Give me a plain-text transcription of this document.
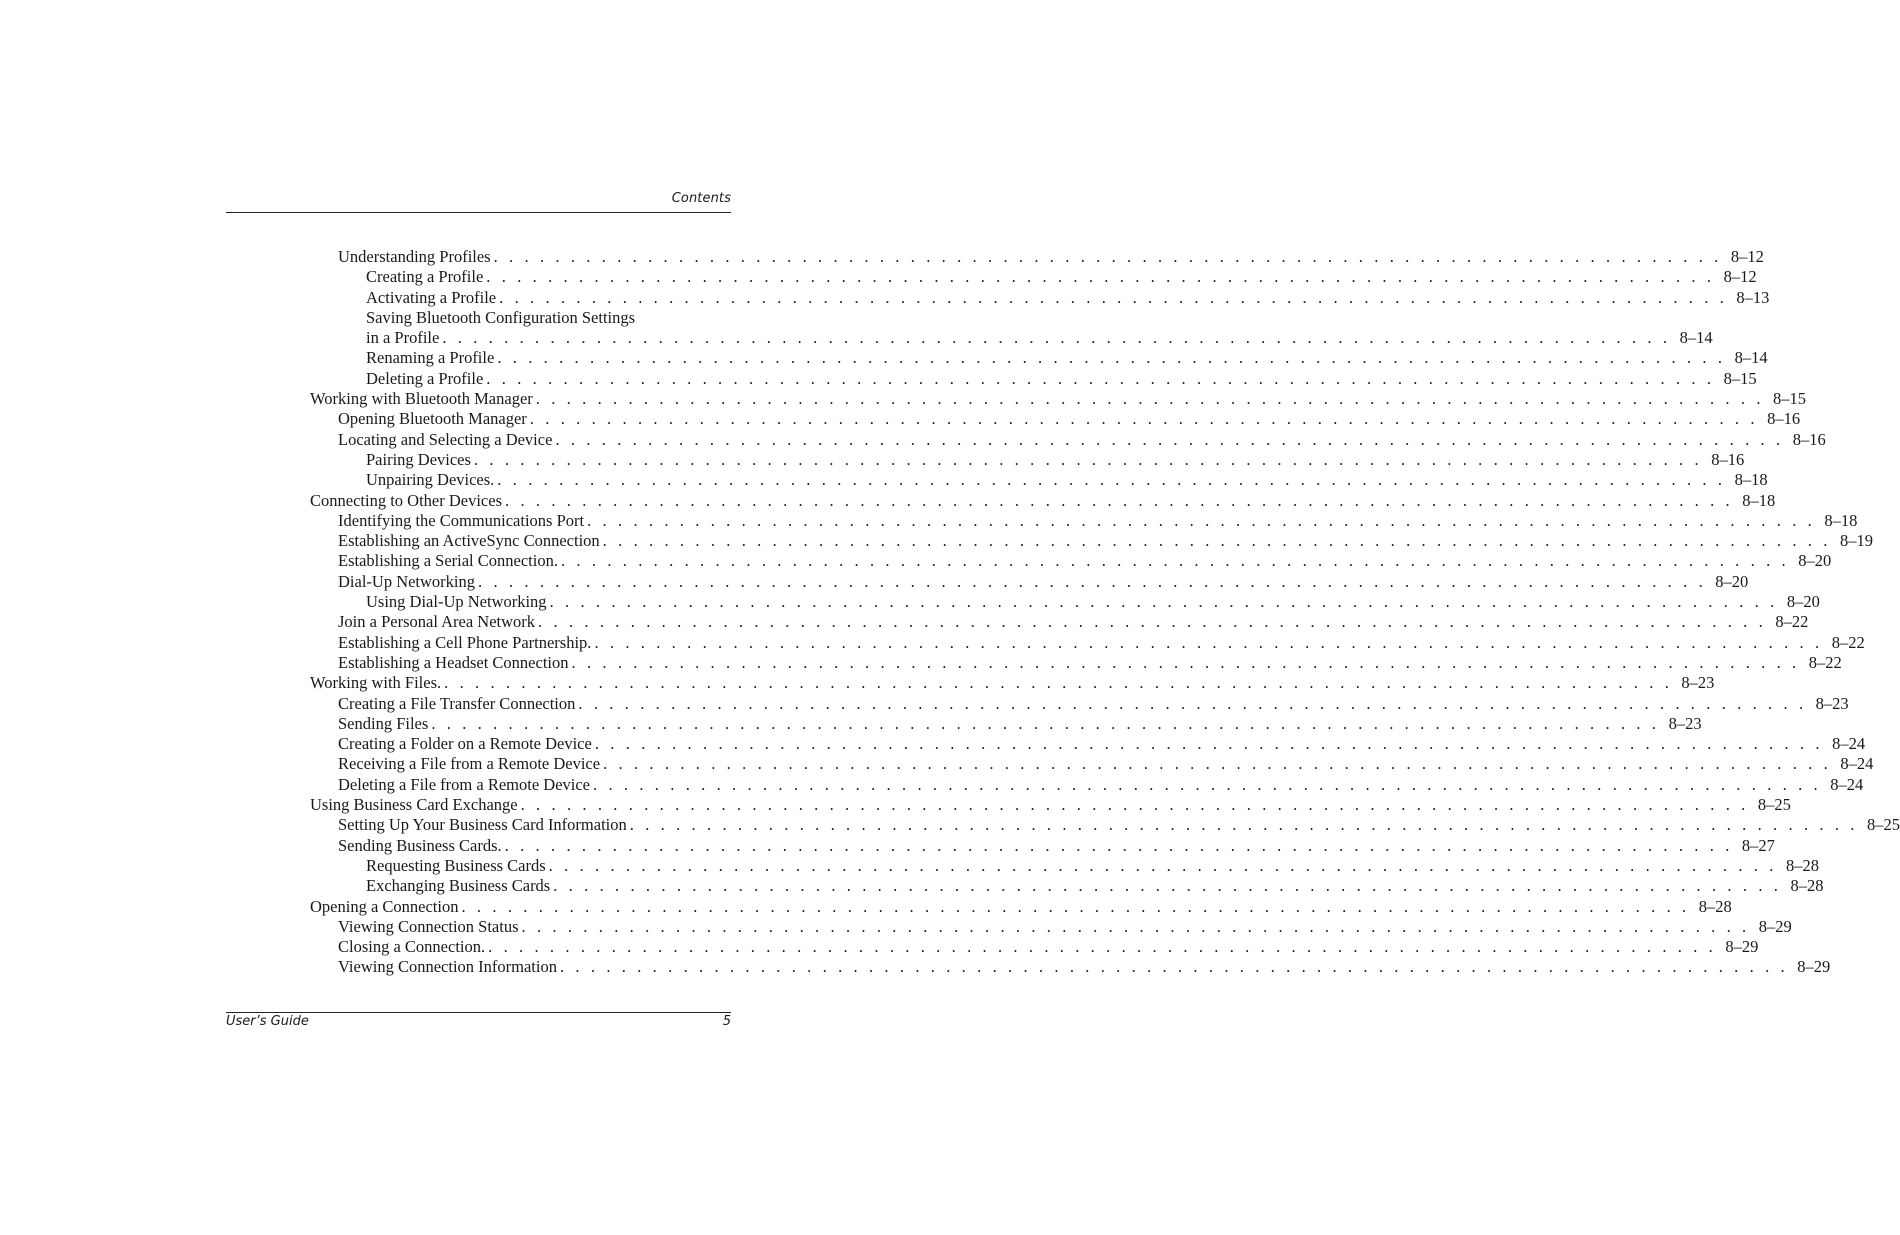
Contents
Understanding Profiles . . . . . . . . . . . . . . . . . . . . . . . . . . . . . . . . . . . . . . . . . . . . . . . . . . . . . . . . . . . . . . . . . . . . . . . . . . . . . . . . 8–12
Creating a Profile . . . . . . . . . . . . . . . . . . . . . . . . . . . . . . . . . . . . . . . . . . . . . . . . . . . . . . . . . . . . . . . . . . . . . . . . . . . . . . . . 8–12
Activating a Profile . . . . . . . . . . . . . . . . . . . . . . . . . . . . . . . . . . . . . . . . . . . . . . . . . . . . . . . . . . . . . . . . . . . . . . . . . . . . . . . . 8–13
Saving Bluetooth Configuration Settings
in a Profile . . . . . . . . . . . . . . . . . . . . . . . . . . . . . . . . . . . . . . . . . . . . . . . . . . . . . . . . . . . . . . . . . . . . . . . . . . . . . . . . 8–14
Renaming a Profile . . . . . . . . . . . . . . . . . . . . . . . . . . . . . . . . . . . . . . . . . . . . . . . . . . . . . . . . . . . . . . . . . . . . . . . . . . . . . . . . 8–14
Deleting a Profile . . . . . . . . . . . . . . . . . . . . . . . . . . . . . . . . . . . . . . . . . . . . . . . . . . . . . . . . . . . . . . . . . . . . . . . . . . . . . . . . 8–15
Working with Bluetooth Manager . . . . . . . . . . . . . . . . . . . . . . . . . . . . . . . . . . . . . . . . . . . . . . . . . . . . . . . . . . . . . . . . . . . . . . . . . . . . . . . . 8–15
Opening Bluetooth Manager . . . . . . . . . . . . . . . . . . . . . . . . . . . . . . . . . . . . . . . . . . . . . . . . . . . . . . . . . . . . . . . . . . . . . . . . . . . . . . . . 8–16
Locating and Selecting a Device . . . . . . . . . . . . . . . . . . . . . . . . . . . . . . . . . . . . . . . . . . . . . . . . . . . . . . . . . . . . . . . . . . . . . . . . . . . . . . . . 8–16
Pairing Devices . . . . . . . . . . . . . . . . . . . . . . . . . . . . . . . . . . . . . . . . . . . . . . . . . . . . . . . . . . . . . . . . . . . . . . . . . . . . . . . . 8–16
Unpairing Devices. . . . . . . . . . . . . . . . . . . . . . . . . . . . . . . . . . . . . . . . . . . . . . . . . . . . . . . . . . . . . . . . . . . . . . . . . . . . . . . . . 8–18
Connecting to Other Devices . . . . . . . . . . . . . . . . . . . . . . . . . . . . . . . . . . . . . . . . . . . . . . . . . . . . . . . . . . . . . . . . . . . . . . . . . . . . . . . . 8–18
Identifying the Communications Port . . . . . . . . . . . . . . . . . . . . . . . . . . . . . . . . . . . . . . . . . . . . . . . . . . . . . . . . . . . . . . . . . . . . . . . . . . . . . . . . 8–18
Establishing an ActiveSync Connection . . . . . . . . . . . . . . . . . . . . . . . . . . . . . . . . . . . . . . . . . . . . . . . . . . . . . . . . . . . . . . . . . . . . . . . . . . . . . . . . 8–19
Establishing a Serial Connection. . . . . . . . . . . . . . . . . . . . . . . . . . . . . . . . . . . . . . . . . . . . . . . . . . . . . . . . . . . . . . . . . . . . . . . . . . . . . . . . . 8–20
Dial-Up Networking . . . . . . . . . . . . . . . . . . . . . . . . . . . . . . . . . . . . . . . . . . . . . . . . . . . . . . . . . . . . . . . . . . . . . . . . . . . . . . . . 8–20
Using Dial-Up Networking . . . . . . . . . . . . . . . . . . . . . . . . . . . . . . . . . . . . . . . . . . . . . . . . . . . . . . . . . . . . . . . . . . . . . . . . . . . . . . . . 8–20
Join a Personal Area Network . . . . . . . . . . . . . . . . . . . . . . . . . . . . . . . . . . . . . . . . . . . . . . . . . . . . . . . . . . . . . . . . . . . . . . . . . . . . . . . . 8–22
Establishing a Cell Phone Partnership. . . . . . . . . . . . . . . . . . . . . . . . . . . . . . . . . . . . . . . . . . . . . . . . . . . . . . . . . . . . . . . . . . . . . . . . . . . . . . . . . 8–22
Establishing a Headset Connection . . . . . . . . . . . . . . . . . . . . . . . . . . . . . . . . . . . . . . . . . . . . . . . . . . . . . . . . . . . . . . . . . . . . . . . . . . . . . . . . 8–22
Working with Files. . . . . . . . . . . . . . . . . . . . . . . . . . . . . . . . . . . . . . . . . . . . . . . . . . . . . . . . . . . . . . . . . . . . . . . . . . . . . . . . . 8–23
Creating a File Transfer Connection . . . . . . . . . . . . . . . . . . . . . . . . . . . . . . . . . . . . . . . . . . . . . . . . . . . . . . . . . . . . . . . . . . . . . . . . . . . . . . . . 8–23
Sending Files . . . . . . . . . . . . . . . . . . . . . . . . . . . . . . . . . . . . . . . . . . . . . . . . . . . . . . . . . . . . . . . . . . . . . . . . . . . . . . . . 8–23
Creating a Folder on a Remote Device . . . . . . . . . . . . . . . . . . . . . . . . . . . . . . . . . . . . . . . . . . . . . . . . . . . . . . . . . . . . . . . . . . . . . . . . . . . . . . . . 8–24
Receiving a File from a Remote Device . . . . . . . . . . . . . . . . . . . . . . . . . . . . . . . . . . . . . . . . . . . . . . . . . . . . . . . . . . . . . . . . . . . . . . . . . . . . . . . . 8–24
Deleting a File from a Remote Device . . . . . . . . . . . . . . . . . . . . . . . . . . . . . . . . . . . . . . . . . . . . . . . . . . . . . . . . . . . . . . . . . . . . . . . . . . . . . . . . 8–24
Using Business Card Exchange . . . . . . . . . . . . . . . . . . . . . . . . . . . . . . . . . . . . . . . . . . . . . . . . . . . . . . . . . . . . . . . . . . . . . . . . . . . . . . . . 8–25
Setting Up Your Business Card Information . . . . . . . . . . . . . . . . . . . . . . . . . . . . . . . . . . . . . . . . . . . . . . . . . . . . . . . . . . . . . . . . . . . . . . . . . . . . . . . . 8–25
Sending Business Cards. . . . . . . . . . . . . . . . . . . . . . . . . . . . . . . . . . . . . . . . . . . . . . . . . . . . . . . . . . . . . . . . . . . . . . . . . . . . . . . . . 8–27
Requesting Business Cards . . . . . . . . . . . . . . . . . . . . . . . . . . . . . . . . . . . . . . . . . . . . . . . . . . . . . . . . . . . . . . . . . . . . . . . . . . . . . . . . 8–28
Exchanging Business Cards . . . . . . . . . . . . . . . . . . . . . . . . . . . . . . . . . . . . . . . . . . . . . . . . . . . . . . . . . . . . . . . . . . . . . . . . . . . . . . . . 8–28
Opening a Connection . . . . . . . . . . . . . . . . . . . . . . . . . . . . . . . . . . . . . . . . . . . . . . . . . . . . . . . . . . . . . . . . . . . . . . . . . . . . . . . . 8–28
Viewing Connection Status . . . . . . . . . . . . . . . . . . . . . . . . . . . . . . . . . . . . . . . . . . . . . . . . . . . . . . . . . . . . . . . . . . . . . . . . . . . . . . . . 8–29
Closing a Connection. . . . . . . . . . . . . . . . . . . . . . . . . . . . . . . . . . . . . . . . . . . . . . . . . . . . . . . . . . . . . . . . . . . . . . . . . . . . . . . . . 8–29
Viewing Connection Information . . . . . . . . . . . . . . . . . . . . . . . . . . . . . . . . . . . . . . . . . . . . . . . . . . . . . . . . . . . . . . . . . . . . . . . . . . . . . . . . 8–29
User’s Guide	5
